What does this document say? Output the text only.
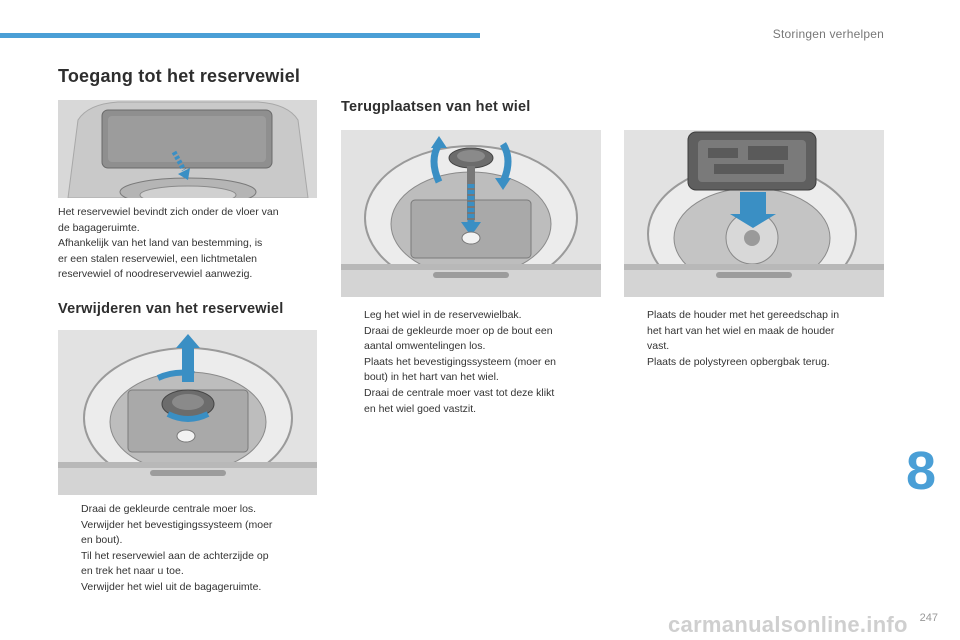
Storingen verhelpen
Toegang tot het reservewiel
Het reservewiel bevindt zich onder de vloer van
de bagageruimte.
Afhankelijk van het land van bestemming, is
er een stalen reservewiel, een lichtmetalen
reservewiel of noodreservewiel aanwezig.
Verwijderen van het reservewiel
Draai de gekleurde centrale moer los.
Verwijder het bevestigingssysteem (moer
en bout).
Til het reservewiel aan de achterzijde op
en trek het naar u toe.
Verwijder het wiel uit de bagageruimte.
Terugplaatsen van het wiel
Leg het wiel in de reservewielbak.
Draai de gekleurde moer op de bout een
aantal omwentelingen los.
Plaats het bevestigingssysteem (moer en
bout) in het hart van het wiel.
Draai de centrale moer vast tot deze klikt
en het wiel goed vastzit.
Plaats de houder met het gereedschap in
het hart van het wiel en maak de houder
vast.
Plaats de polystyreen opbergbak terug.
8
carmanualsonline.info 247
